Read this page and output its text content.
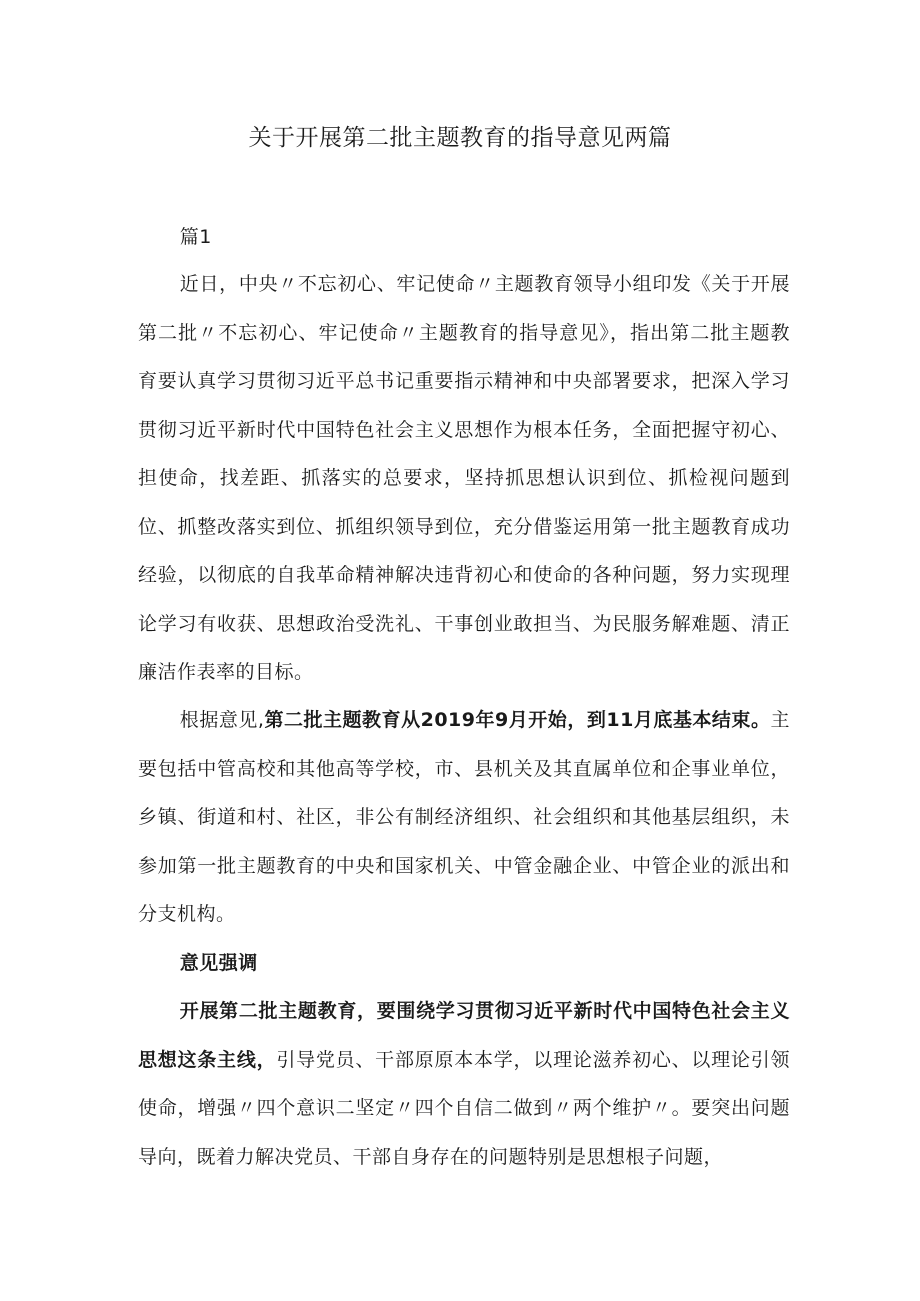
关于开展第二批主题教育的指导意见两篇

篇1

近日，中央〃不忘初心、牢记使命〃主题教育领导小组印发《关于开展第二批〃不忘初心、牢记使命〃主题教育的指导意见》，指出第二批主题教育要认真学习贯彻习近平总书记重要指示精神和中央部署要求，把深入学习贯彻习近平新时代中国特色社会主义思想作为根本任务，全面把握守初心、担使命，找差距、抓落实的总要求，坚持抓思想认识到位、抓检视问题到位、抓整改落实到位、抓组织领导到位，充分借鉴运用第一批主题教育成功经验，以彻底的自我革命精神解决违背初心和使命的各种问题，努力实现理论学习有收获、思想政治受洗礼、干事创业敢担当、为民服务解难题、清正廉洁作表率的目标。

根据意见,第二批主题教育从2019年9月开始，到11月底基本结束。主要包括中管高校和其他高等学校，市、县机关及其直属单位和企事业单位，乡镇、街道和村、社区，非公有制经济组织、社会组织和其他基层组织，未参加第一批主题教育的中央和国家机关、中管金融企业、中管企业的派出和分支机构。

意见强调

开展第二批主题教育，要围绕学习贯彻习近平新时代中国特色社会主义思想这条主线，引导党员、干部原原本本学，以理论滋养初心、以理论引领使命，增强〃四个意识二坚定〃四个自信二做到〃两个维护〃。要突出问题导向，既着力解决党员、干部自身存在的问题特别是思想根子问题，
